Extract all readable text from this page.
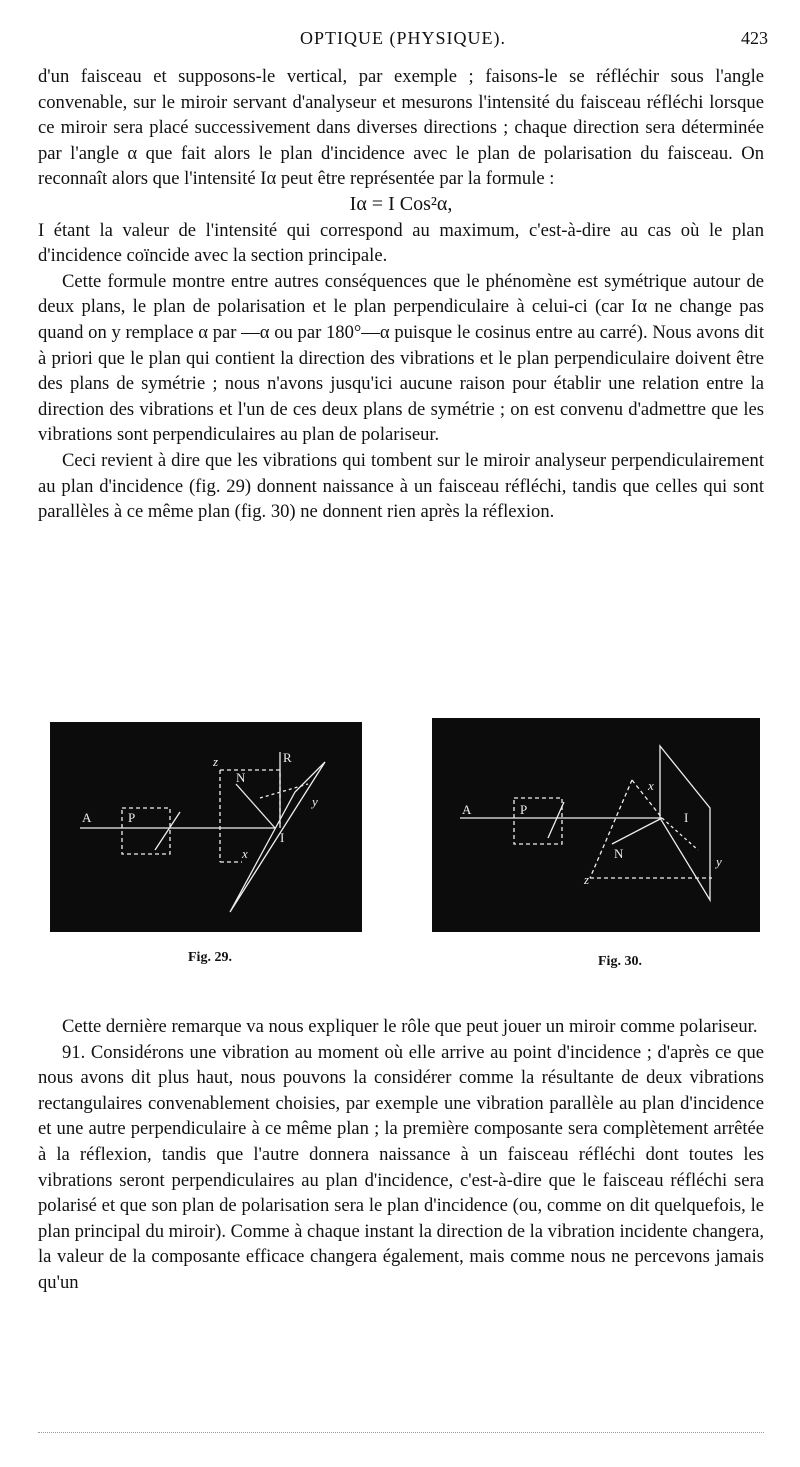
OPTIQUE (PHYSIQUE).	423

d'un faisceau et supposons-le vertical, par exemple ; faisons-le se réfléchir sous l'angle convenable, sur le miroir servant d'analyseur et mesurons l'intensité du faisceau réfléchi lorsque ce miroir sera placé successivement dans diverses directions ; chaque direction sera déterminée par l'angle α que fait alors le plan d'incidence avec le plan de polarisation du faisceau. On reconnaît alors que l'intensité Iα peut être représentée par la formule :

Iα = I Cos²α,

I étant la valeur de l'intensité qui correspond au maximum, c'est-à-dire au cas où le plan d'incidence coïncide avec la section principale.

Cette formule montre entre autres conséquences que le phénomène est symétrique autour de deux plans, le plan de polarisation et le plan perpendiculaire à celui-ci (car Iα ne change pas quand on y remplace α par —α ou par 180°—α puisque le cosinus entre au carré). Nous avons dit à priori que le plan qui contient la direction des vibrations et le plan perpendiculaire doivent être des plans de symétrie ; nous n'avons jusqu'ici aucune raison pour établir une relation entre la direction des vibrations et l'un de ces deux plans de symétrie ; on est convenu d'admettre que les vibrations sont perpendiculaires au plan de polariseur.

Ceci revient à dire que les vibrations qui tombent sur le miroir analyseur perpendiculairement au plan d'incidence (fig. 29) donnent naissance à un faisceau réfléchi, tandis que celles qui sont parallèles à ce même plan (fig. 30) ne donnent rien après la réflexion.

A	P
z
N
R
y
I
x
Fig. 29.
A	P
I
N
y
z
x
Fig. 30.

Cette dernière remarque va nous expliquer le rôle que peut jouer un miroir comme polariseur.

91. Considérons une vibration au moment où elle arrive au point d'incidence ; d'après ce que nous avons dit plus haut, nous pouvons la considérer comme la résultante de deux vibrations rectangulaires convenablement choisies, par exemple une vibration parallèle au plan d'incidence et une autre perpendiculaire à ce même plan ; la première composante sera complètement arrêtée à la réflexion, tandis que l'autre donnera naissance à un faisceau réfléchi dont toutes les vibrations seront perpendiculaires au plan d'incidence, c'est-à-dire que le faisceau réfléchi sera polarisé et que son plan de polarisation sera le plan d'incidence (ou, comme on dit quelquefois, le plan principal du miroir). Comme à chaque instant la direction de la vibration incidente changera, la valeur de la composante efficace changera également, mais comme nous ne percevons jamais qu'un
